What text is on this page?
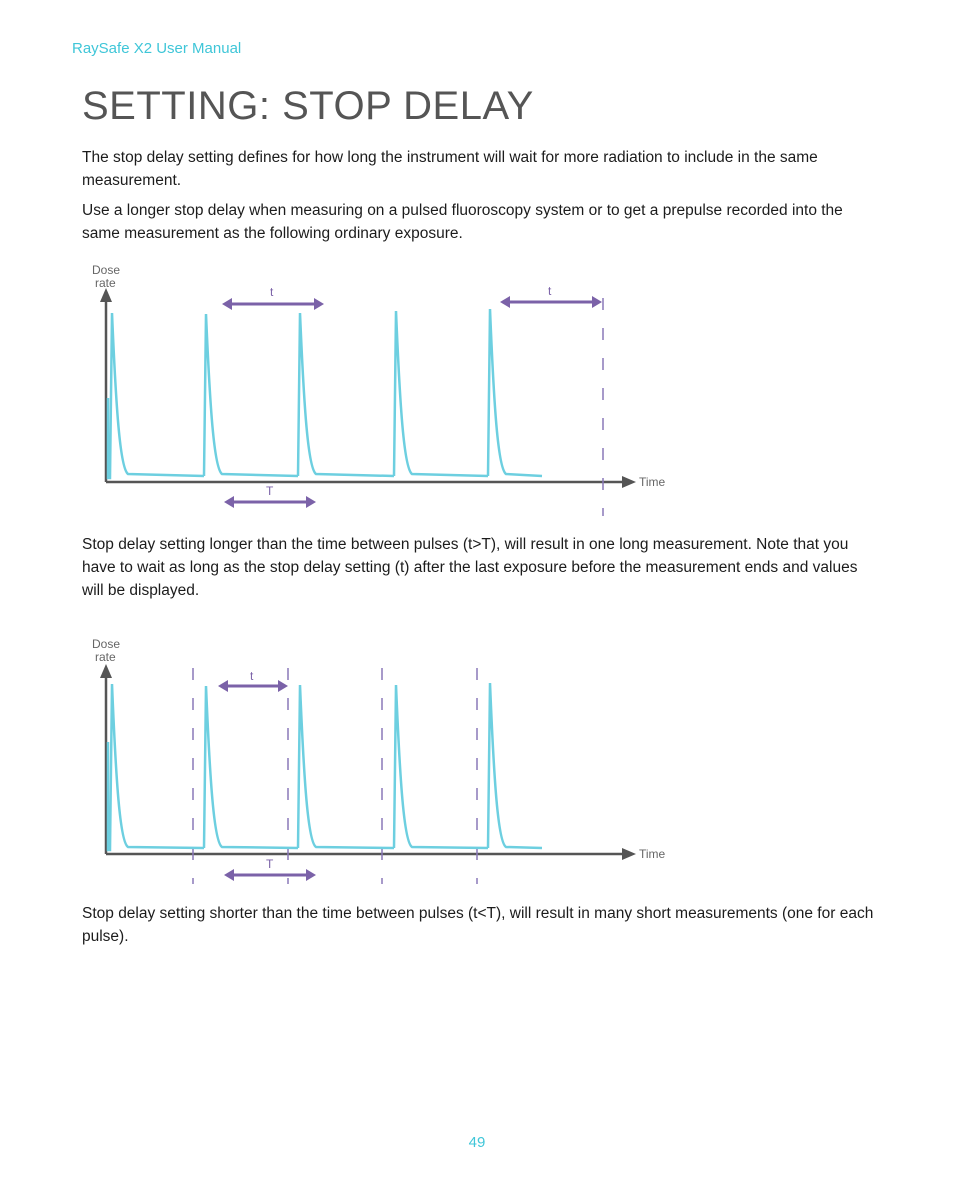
RaySafe X2 User Manual
SETTING: STOP DELAY

The stop delay setting defines for how long the instrument will wait for more radiation to include in the same measurement.

Use a longer stop delay when measuring on a pulsed fluoroscopy system or to get a prepulse recorded into the same measurement as the following ordinary exposure.

Dose
rate
Time
t	t
T

Stop delay setting longer than the time between pulses (t>T), will result in one long measurement. Note that you have to wait as long as the stop delay setting (t) after the last exposure before the measurement ends and values will be displayed.

Dose
rate
Time
t
T

Stop delay setting shorter than the time between pulses (t<T), will result in many short measurements (one for each pulse).

49
